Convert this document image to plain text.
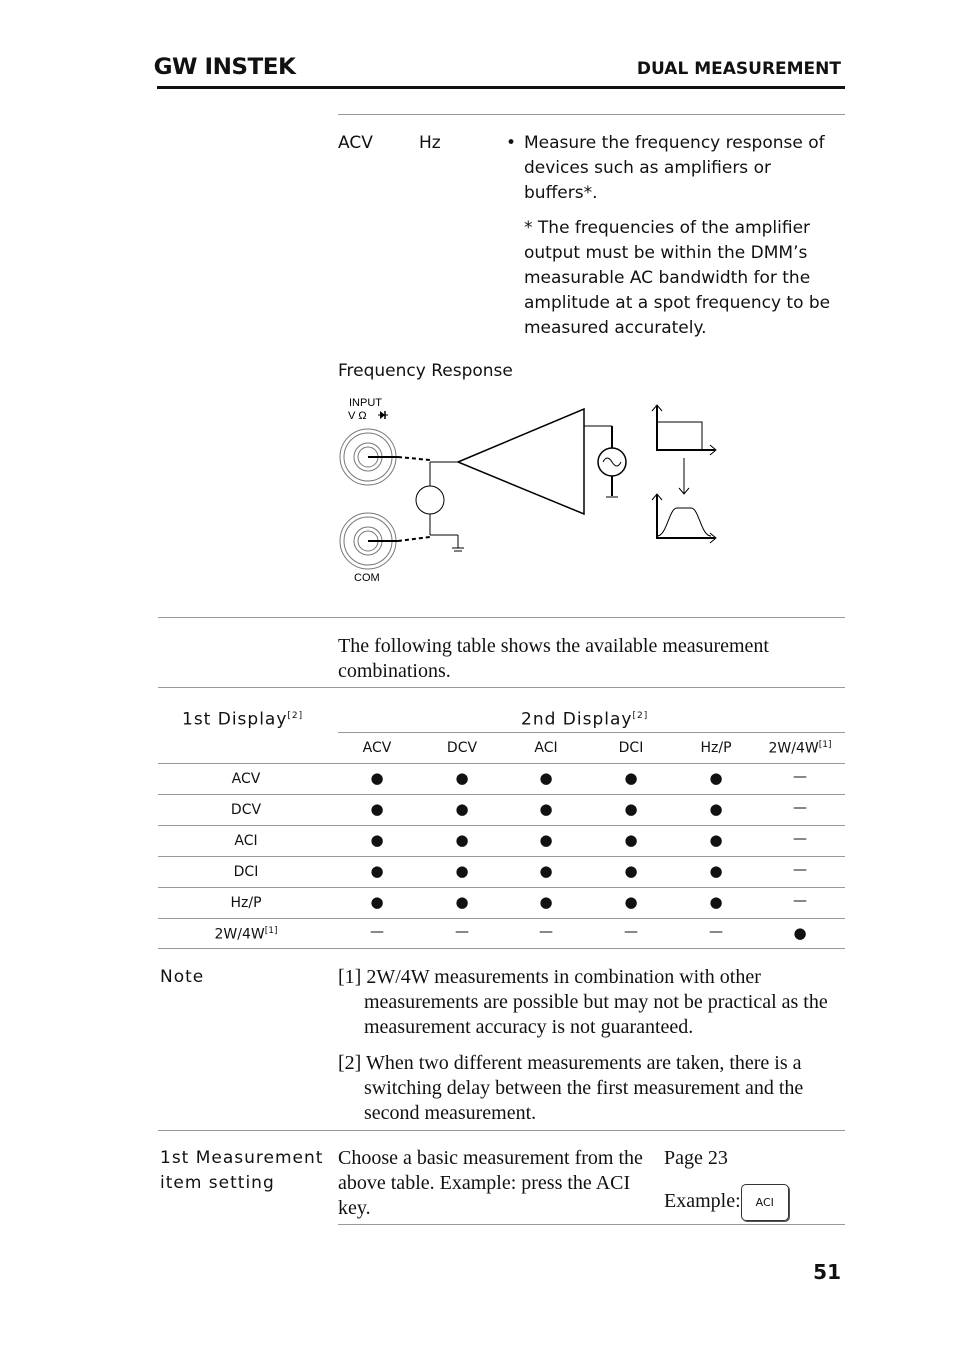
GW INSTEK	DUAL MEASUREMENT
ACV	Hz	• Measure the frequency response of devices such as amplifiers or buffers*.
* The frequencies of the amplifier output must be within the DMM’s measurable AC bandwidth for the amplitude at a spot frequency to be measured accurately.
Frequency Response
INPUT
V Ω
COM
The following table shows the available measurement combinations.
1st Display[2]	2nd Display[2]
ACV	DCV	ACI	DCI	Hz/P	2W/4W[1]
ACV	●	●	●	●	●	—
DCV	●	●	●	●	●	—
ACI	●	●	●	●	●	—
DCI	●	●	●	●	●	—
Hz/P	●	●	●	●	●	—
2W/4W[1]	—	—	—	—	—	●
Note	[1] 2W/4W measurements in combination with other measurements are possible but may not be practical as the measurement accuracy is not guaranteed.
[2] When two different measurements are taken, there is a switching delay between the first measurement and the second measurement.
1st Measurement item setting
Choose a basic measurement from the above table. Example: press the ACI key.
Page 23
Example: ACI
51
